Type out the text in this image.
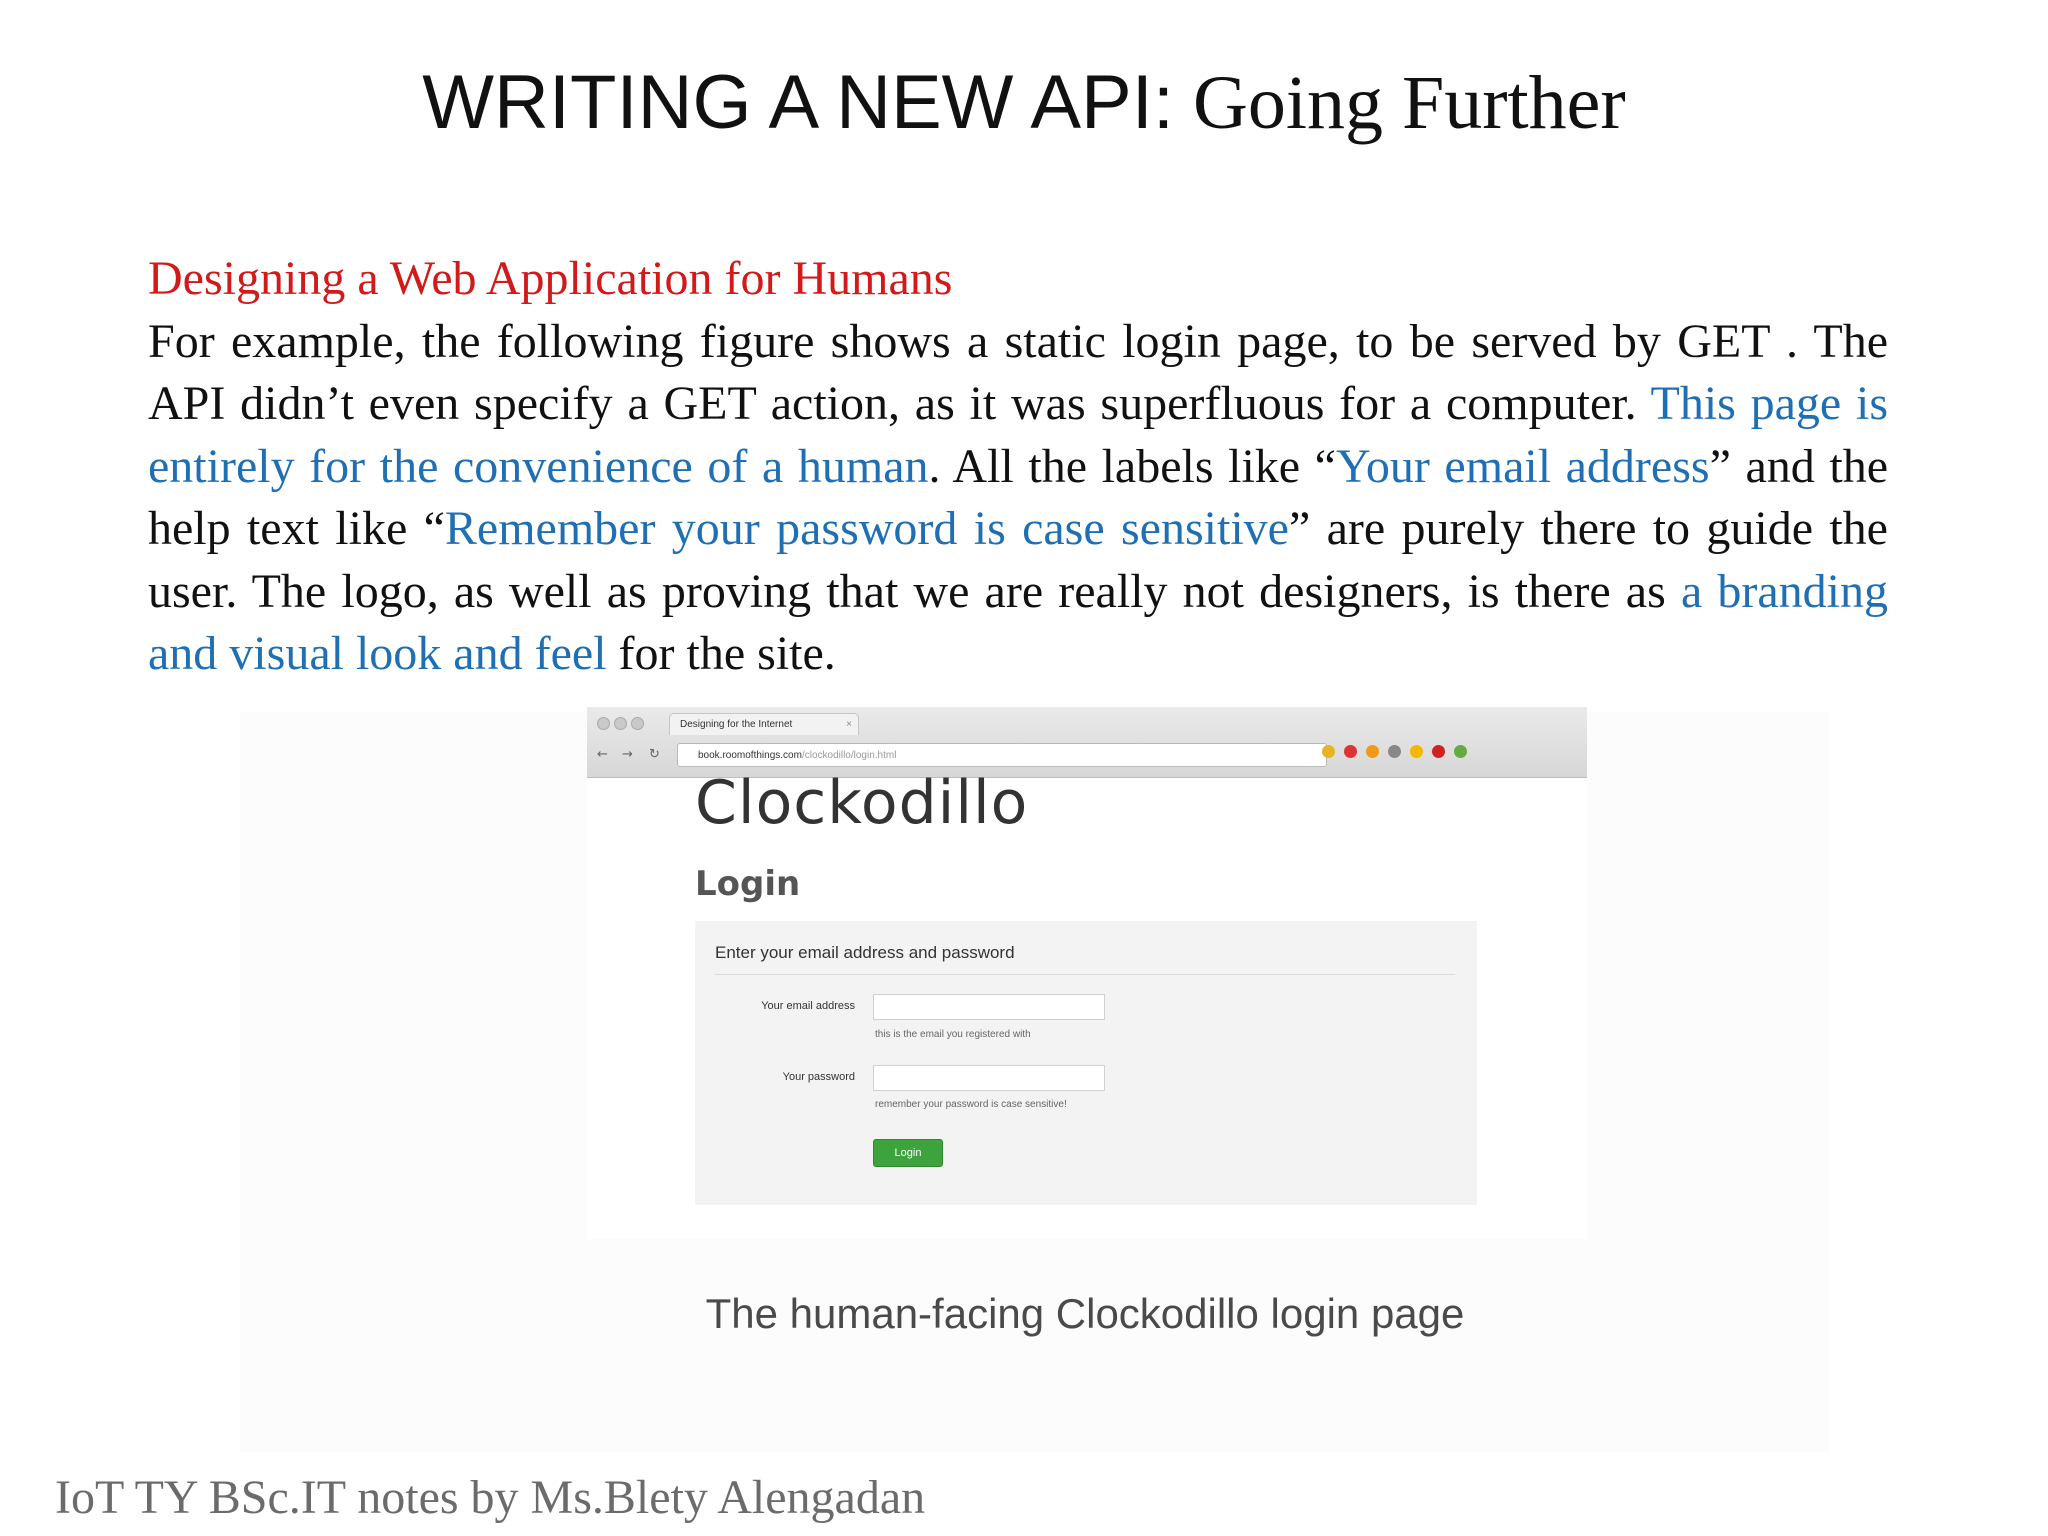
WRITING A NEW API: Going Further
Designing a Web Application for Humans
For example, the following figure shows a static login page, to be served by GET . The API didn’t even specify a GET action, as it was superfluous for a computer. This page is entirely for the convenience of a human. All the labels like “Your email address” and the help text like “Remember your password is case sensitive” are purely there to guide the user. The logo, as well as proving that we are really not designers, is there as a branding and visual look and feel for the site.
Designing for the Internet	×
← → ↻	book.roomofthings.com/clockodillo/login.html
Clockodillo
Login
Enter your email address and password
Your email address
this is the email you registered with
Your password
remember your password is case sensitive!
Login
The human-facing Clockodillo login page
IoT TY BSc.IT notes by Ms.Blety Alengadan
